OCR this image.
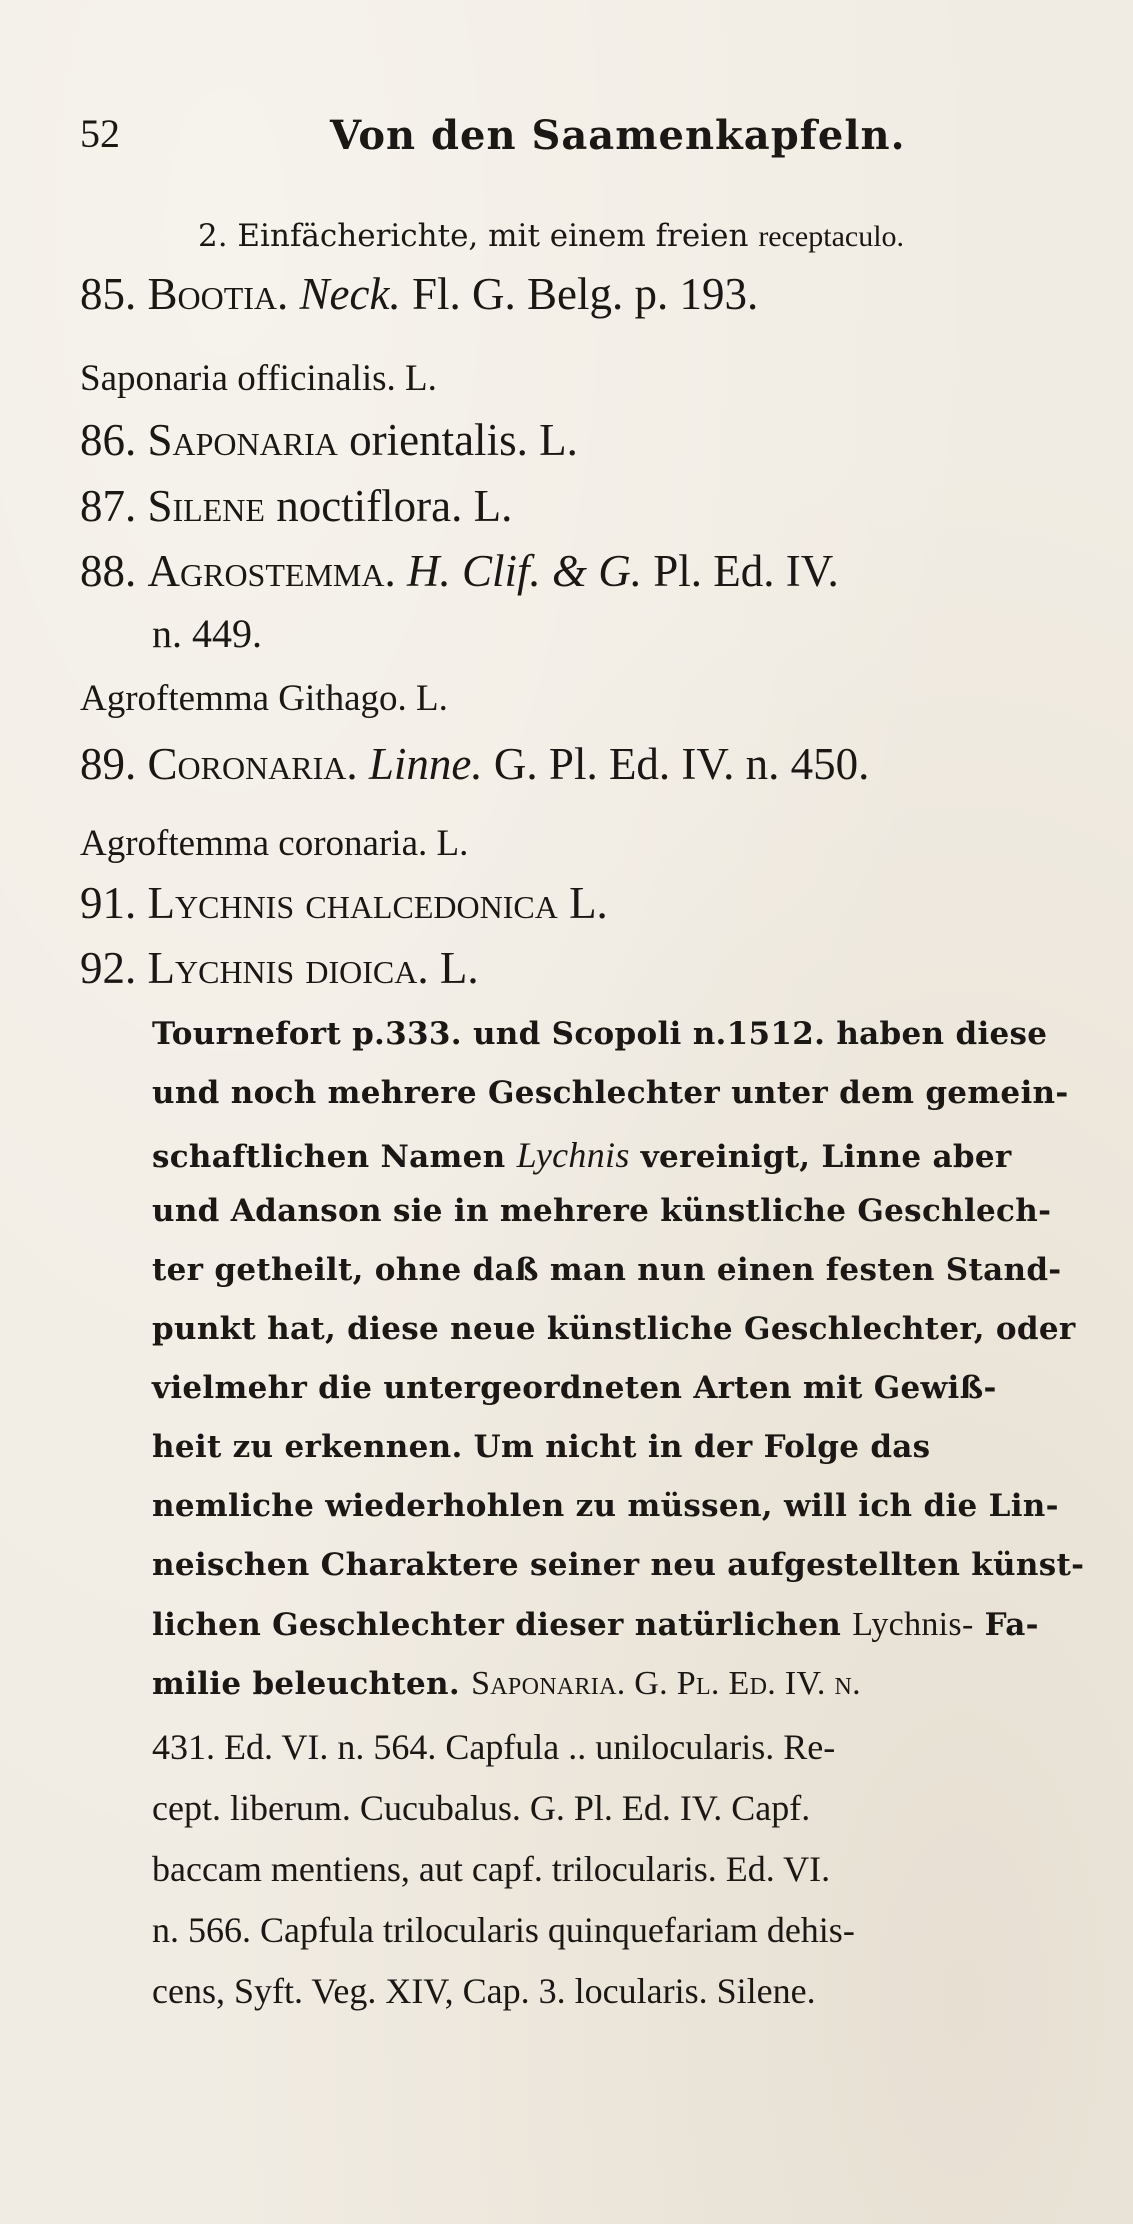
52	Von den Saamenkapfeln.
2. Einfächerichte, mit einem freien receptaculo.
85. Bootia. Neck. Fl. G. Belg. p. 193.
Saponaria officinalis. L.
86. Saponaria orientalis. L.
87. Silene noctiflora. L.
88. Agrostemma. H. Clif. & G. Pl. Ed. IV.
n. 449.
Agroftemma Githago. L.
89. Coronaria. Linne. G. Pl. Ed. IV. n. 450.
Agroftemma coronaria. L.
91. Lychnis chalcedonica L.
92. Lychnis dioica. L.
Tournefort p.333. und Scopoli n.1512. haben diese
und noch mehrere Geschlechter unter dem gemein-
schaftlichen Namen Lychnis vereinigt, Linne aber
und Adanson sie in mehrere künstliche Geschlech-
ter getheilt, ohne daß man nun einen festen Stand-
punkt hat, diese neue künstliche Geschlechter, oder
vielmehr die untergeordneten Arten mit Gewiß-
heit zu erkennen. Um nicht in der Folge das
nemliche wiederhohlen zu müssen, will ich die Lin-
neischen Charaktere seiner neu aufgestellten künst-
lichen Geschlechter dieser natürlichen Lychnis- Fa-
milie beleuchten. Saponaria. G. Pl. Ed. IV. n.
431. Ed. VI. n. 564. Capfula .. unilocularis. Re-
cept. liberum. Cucubalus. G. Pl. Ed. IV. Capf.
baccam mentiens, aut capf. trilocularis. Ed. VI.
n. 566. Capfula trilocularis quinquefariam dehis-
cens, Syft. Veg. XIV, Cap. 3. locularis. Silene.
